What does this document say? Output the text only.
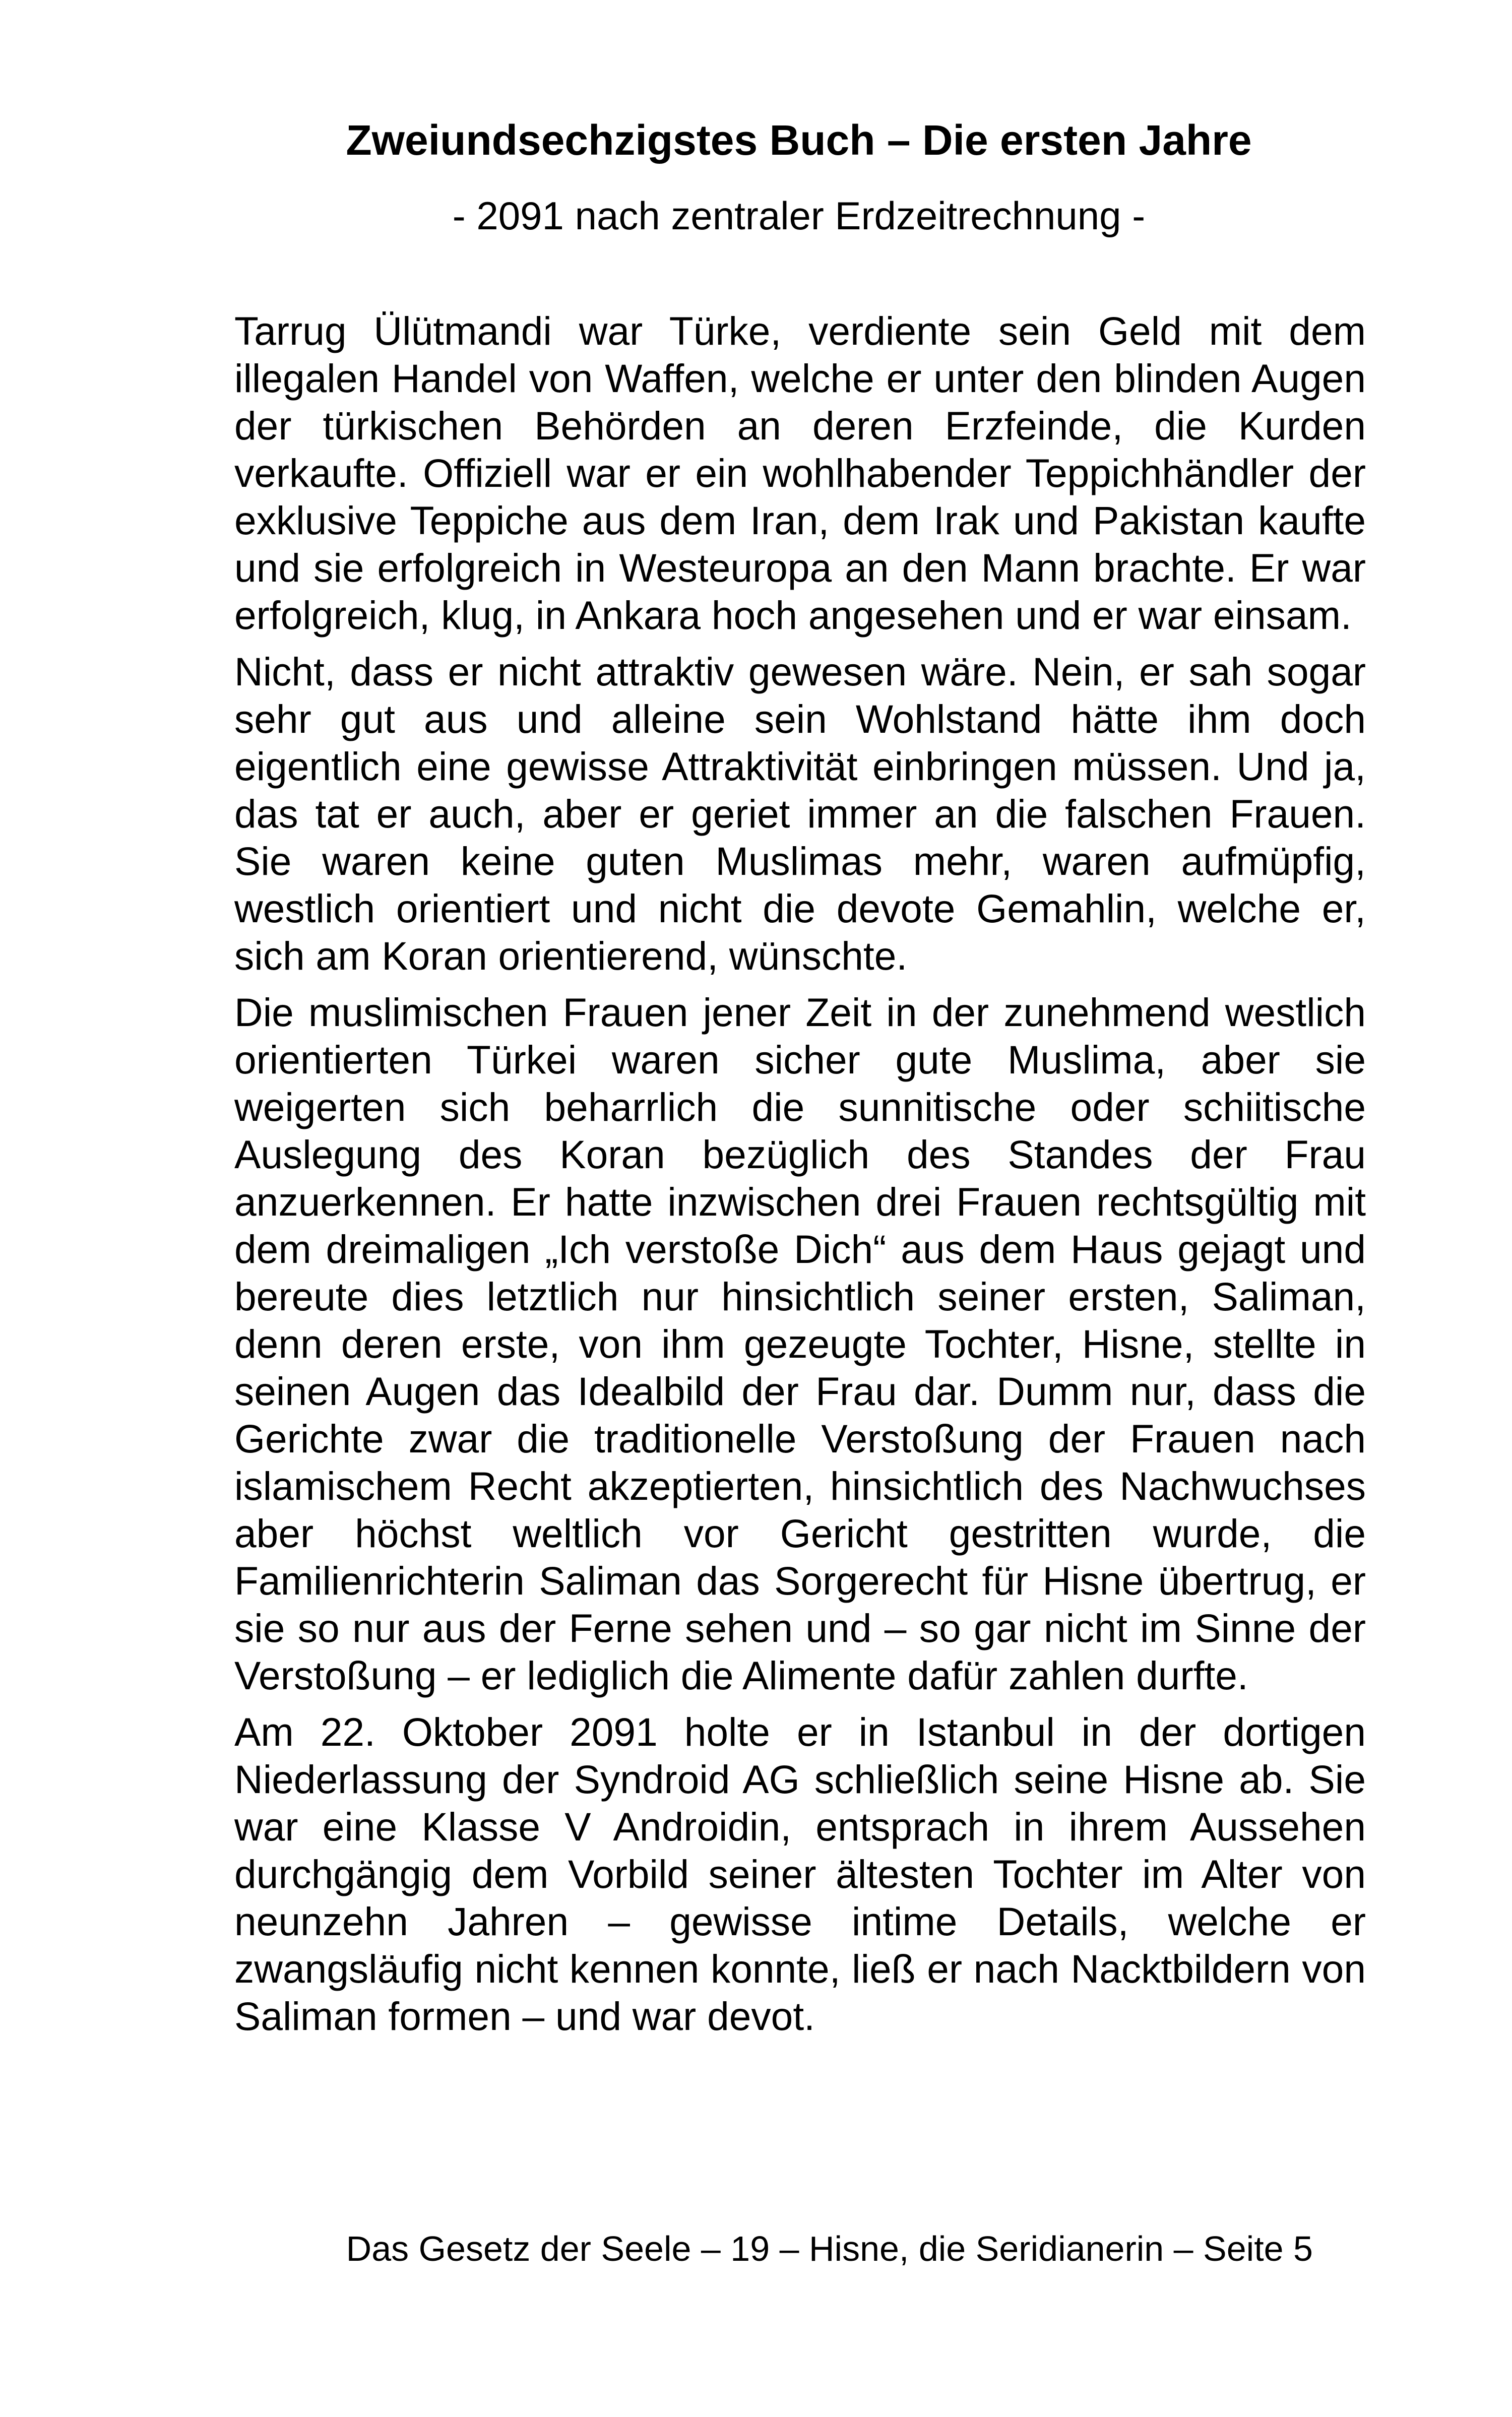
Zweiundsechzigstes Buch – Die ersten Jahre
- 2091 nach zentraler Erdzeitrechnung -

Tarrug Ülütmandi war Türke, verdiente sein Geld mit dem illegalen Handel von Waffen, welche er unter den blinden Augen der türkischen Behörden an deren Erzfeinde, die Kurden verkaufte. Offiziell war er ein wohlhabender Teppichhändler der exklusive Teppiche aus dem Iran, dem Irak und Pakistan kaufte und sie erfolgreich in Westeuropa an den Mann brachte. Er war erfolgreich, klug, in Ankara hoch angesehen und er war einsam.

Nicht, dass er nicht attraktiv gewesen wäre. Nein, er sah sogar sehr gut aus und alleine sein Wohlstand hätte ihm doch eigentlich eine gewisse Attraktivität einbringen müssen. Und ja, das tat er auch, aber er geriet immer an die falschen Frauen. Sie waren keine guten Muslimas mehr, waren aufmüpfig, westlich orientiert und nicht die devote Gemahlin, welche er, sich am Koran orientierend, wünschte.

Die muslimischen Frauen jener Zeit in der zunehmend westlich orientierten Türkei waren sicher gute Muslima, aber sie weigerten sich beharrlich die sunnitische oder schiitische Auslegung des Koran bezüglich des Standes der Frau anzuerkennen. Er hatte inzwischen drei Frauen rechtsgültig mit dem dreimaligen „Ich verstoße Dich“ aus dem Haus gejagt und bereute dies letztlich nur hinsichtlich seiner ersten, Saliman, denn deren erste, von ihm gezeugte Tochter, Hisne, stellte in seinen Augen das Idealbild der Frau dar. Dumm nur, dass die Gerichte zwar die traditionelle Verstoßung der Frauen nach islamischem Recht akzeptierten, hinsichtlich des Nachwuchses aber höchst weltlich vor Gericht gestritten wurde, die Familienrichterin Saliman das Sorgerecht für Hisne übertrug, er sie so nur aus der Ferne sehen und – so gar nicht im Sinne der Verstoßung – er lediglich die Alimente dafür zahlen durfte.

Am 22. Oktober 2091 holte er in Istanbul in der dortigen Niederlassung der Syndroid AG schließlich seine Hisne ab. Sie war eine Klasse V Androidin, entsprach in ihrem Aussehen durchgängig dem Vorbild seiner ältesten Tochter im Alter von neunzehn Jahren – gewisse intime Details, welche er zwangsläufig nicht kennen konnte, ließ er nach Nacktbildern von Saliman formen – und war devot.

Das Gesetz der Seele – 19 – Hisne, die Seridianerin – Seite 5
